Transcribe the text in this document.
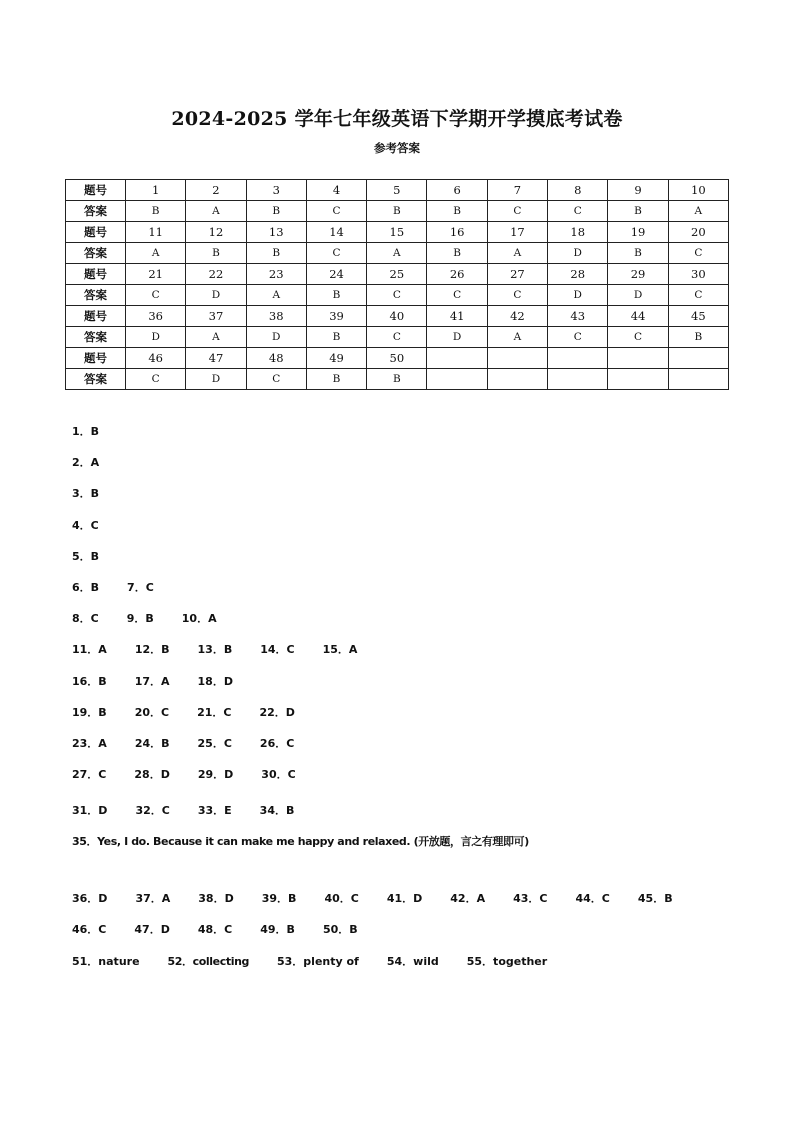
2024-2025 学年七年级英语下学期开学摸底考试卷
参考答案
题号	1	2	3	4	5	6	7	8	9	10
答案	B	A	B	C	B	B	C	C	B	A
题号	11	12	13	14	15	16	17	18	19	20
答案	A	B	B	C	A	B	A	D	B	C
题号	21	22	23	24	25	26	27	28	29	30
答案	C	D	A	B	C	C	C	D	D	C
题号	36	37	38	39	40	41	42	43	44	45
答案	D	A	D	B	C	D	A	C	C	B
题号	46	47	48	49	50					
答案	C	D	C	B	B					
1．B
2．A
3．B
4．C
5．B
6．B	7．C
8．C	9．B	10．A
11．A	12．B	13．B	14．C	15．A
16．B	17．A	18．D
19．B	20．C	21．C	22．D
23．A	24．B	25．C	26．C
27．C	28．D	29．D	30．C
31．D	32．C	33．E	34．B35．Yes, I do. Because it can make me happy and relaxed. (开放题，言之有理即可)
36．D	37．A	38．D	39．B	40．C	41．D	42．A	43．C	44．C	45．B
46．C	47．D	48．C	49．B	50．B
51．nature	52．collecting	53．plenty of	54．wild	55．together
